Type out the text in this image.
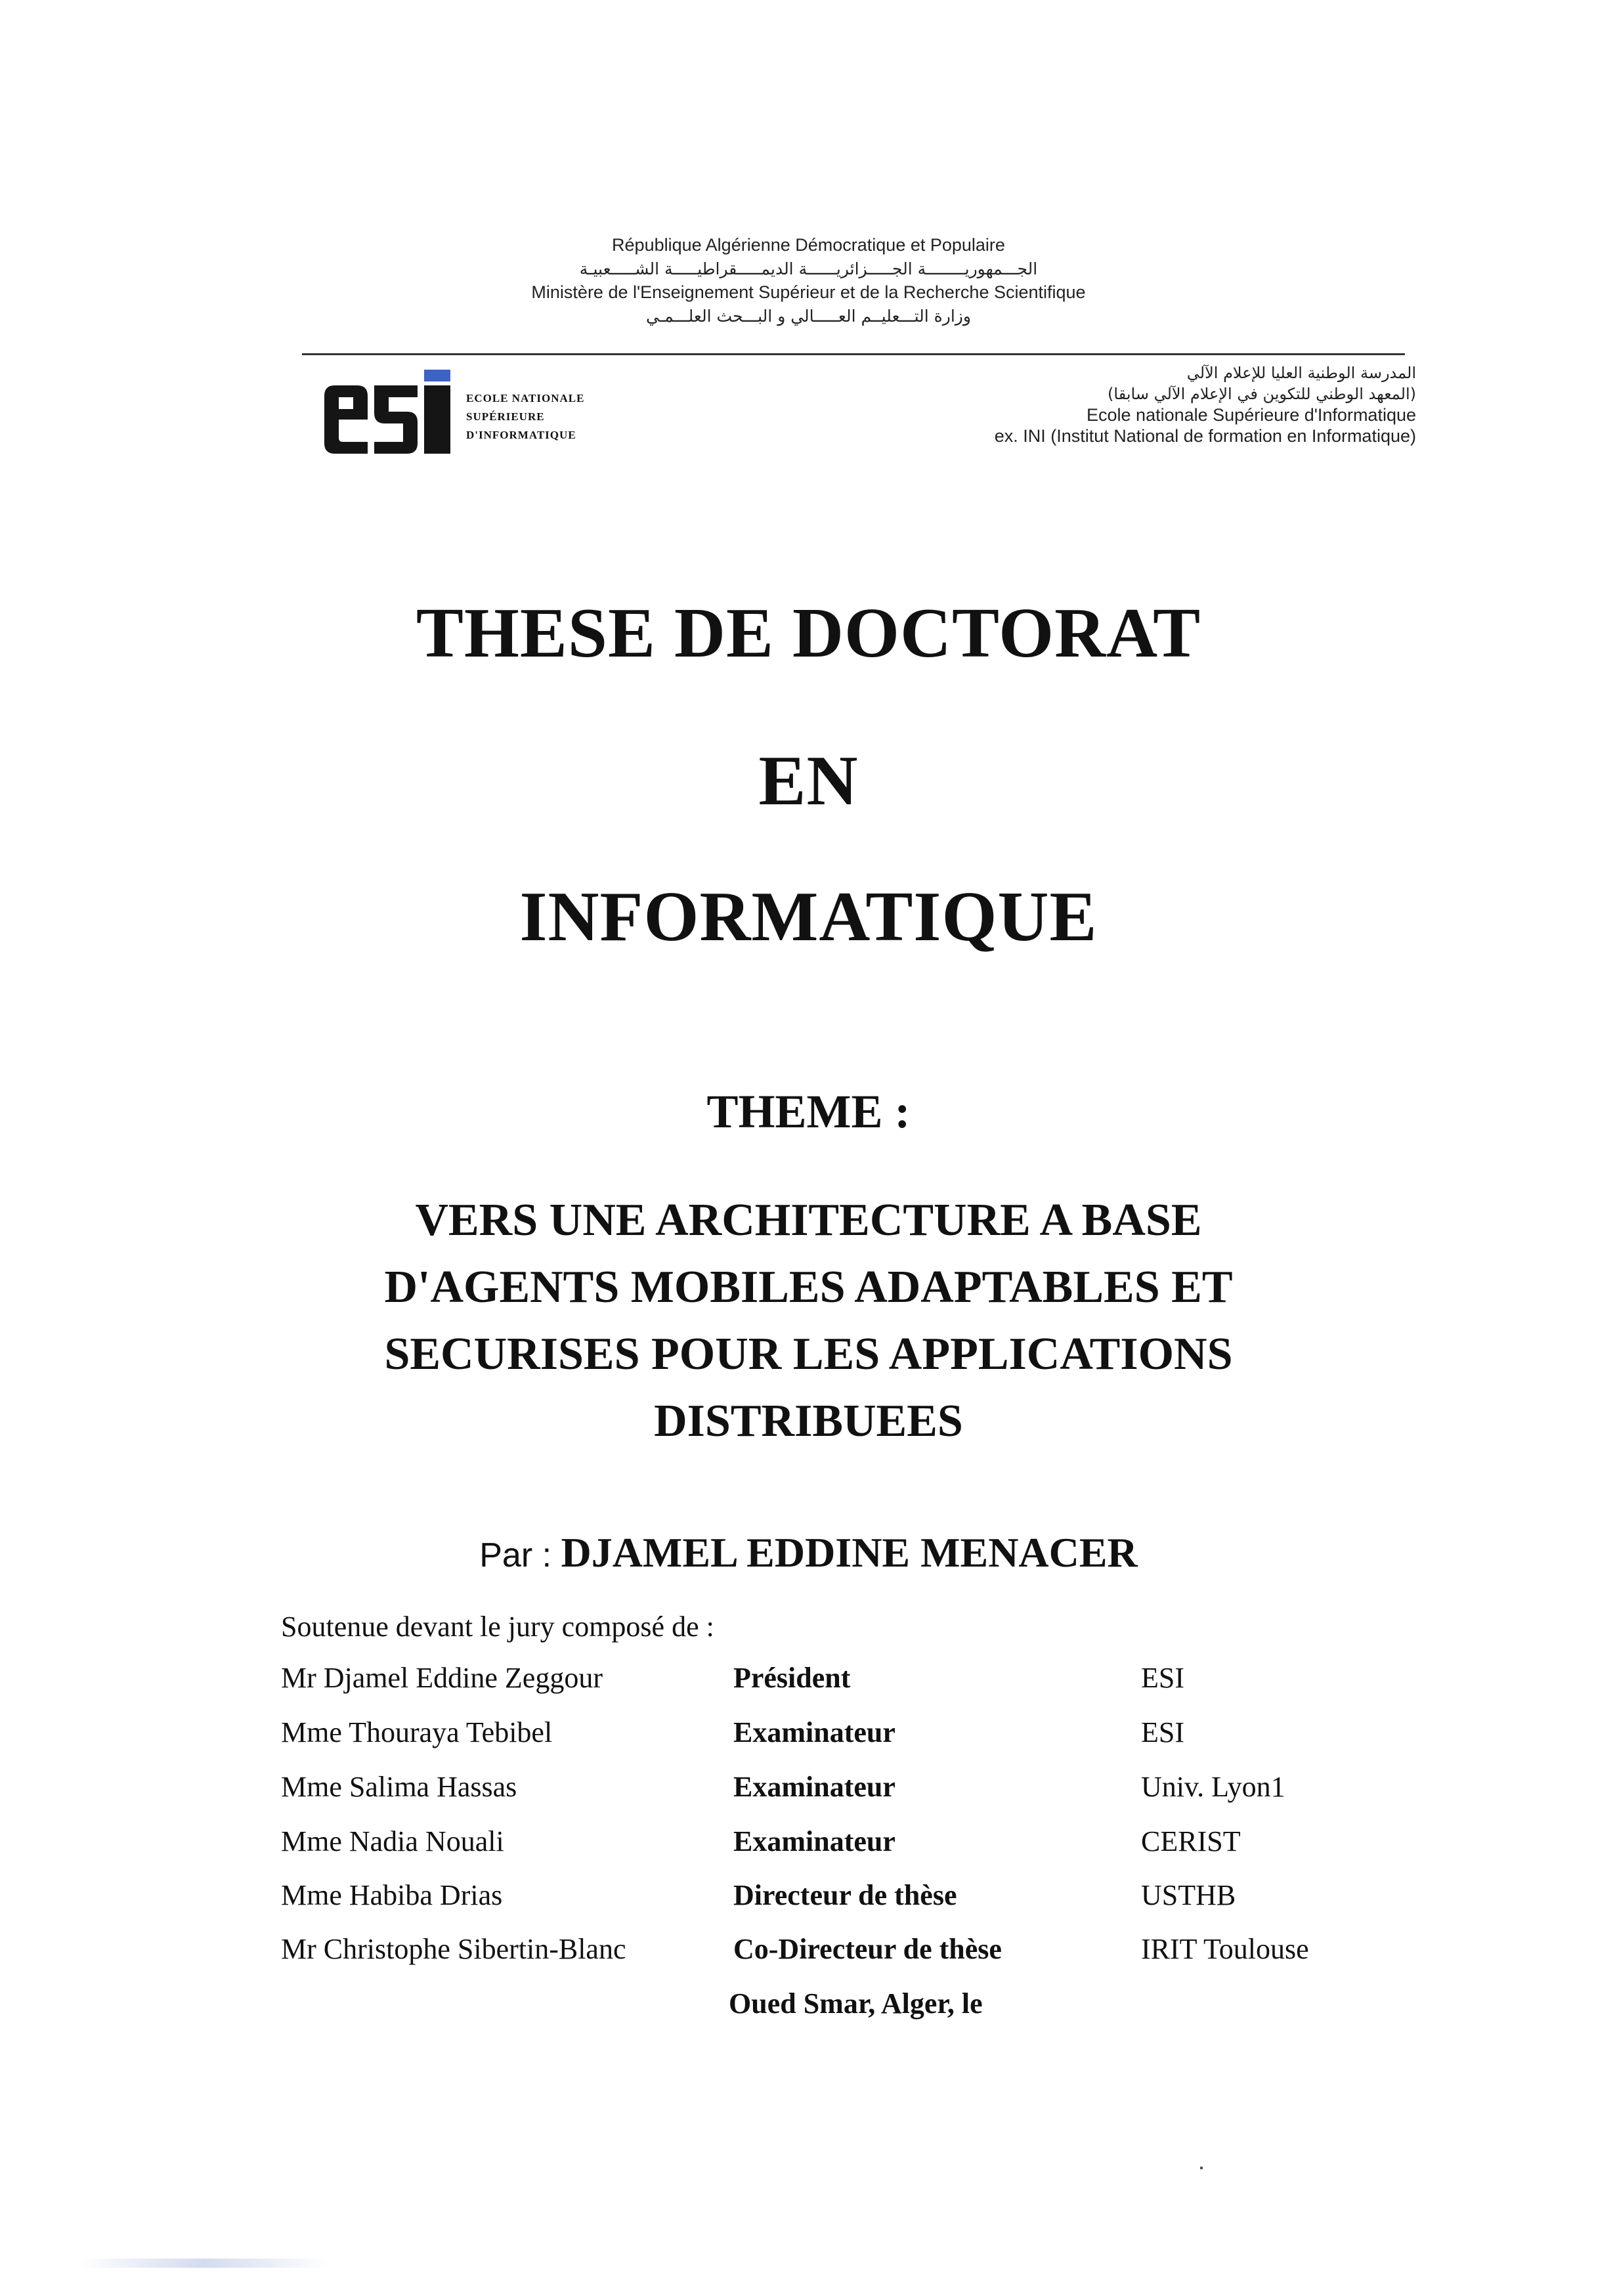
République Algérienne Démocratique et Populaire
الجـــمهوريــــــــة الجـــــزائريــــــة الديمـــــقراطيـــــة الشـــــعبيـة
Ministère de l'Enseignement Supérieur et de la Recherche Scientifique
وزارة التـــعليــم العـــــالي و البـــحث العلـــمـي
ECOLE NATIONALE
SUPÉRIEURE
D'INFORMATIQUE
المدرسة الوطنية العليا للإعلام الآلي
(المعهد الوطني للتكوين في الإعلام الآلي سابقا)
Ecole nationale Supérieure d'Informatique
ex. INI (Institut National de formation en Informatique)
THESE DE DOCTORAT
EN
INFORMATIQUE
THEME :
VERS UNE ARCHITECTURE A BASE
D'AGENTS MOBILES ADAPTABLES ET
SECURISES POUR LES APPLICATIONS
DISTRIBUEES
Par : DJAMEL EDDINE MENACER
Soutenue devant le jury composé de :
Mr Djamel Eddine Zeggour	Président	ESI
Mme Thouraya Tebibel	Examinateur	ESI
Mme Salima Hassas	Examinateur	Univ. Lyon1
Mme Nadia Nouali	Examinateur	CERIST
Mme Habiba Drias	Directeur de thèse	USTHB
Mr Christophe Sibertin-Blanc	Co-Directeur de thèse	IRIT Toulouse
Oued Smar, Alger, le
